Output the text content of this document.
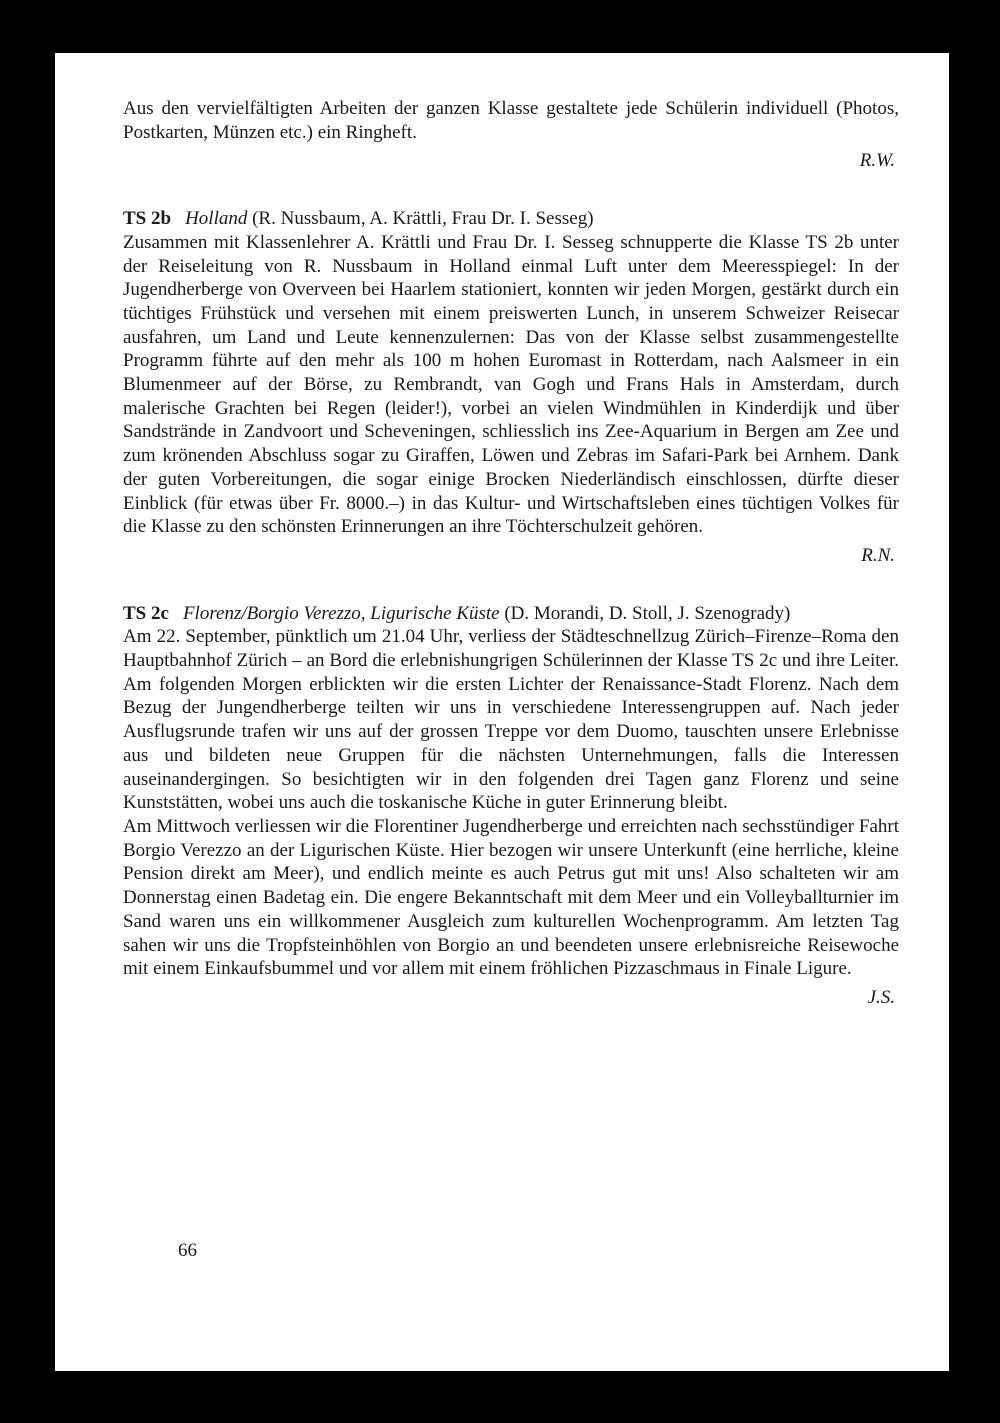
Aus den vervielfältigten Arbeiten der ganzen Klasse gestaltete jede Schülerin individuell (Photos, Postkarten, Münzen etc.) ein Ringheft.

R.W.

TS 2b Holland (R. Nussbaum, A. Krättli, Frau Dr. I. Sesseg)

Zusammen mit Klassenlehrer A. Krättli und Frau Dr. I. Sesseg schnupperte die Klasse TS 2b unter der Reiseleitung von R. Nussbaum in Holland einmal Luft unter dem Meeresspiegel: In der Jugendherberge von Overveen bei Haarlem stationiert, konnten wir jeden Morgen, gestärkt durch ein tüchtiges Frühstück und versehen mit einem preiswerten Lunch, in unserem Schweizer Reisecar ausfahren, um Land und Leute kennenzulernen: Das von der Klasse selbst zusammengestellte Programm führte auf den mehr als 100 m hohen Euromast in Rotterdam, nach Aalsmeer in ein Blumenmeer auf der Börse, zu Rembrandt, van Gogh und Frans Hals in Amsterdam, durch malerische Grachten bei Regen (leider!), vorbei an vielen Windmühlen in Kinderdijk und über Sandstrände in Zandvoort und Scheveningen, schliesslich ins Zee-Aquarium in Bergen am Zee und zum krönenden Abschluss sogar zu Giraffen, Löwen und Zebras im Safari-Park bei Arnhem. Dank der guten Vorbereitungen, die sogar einige Brocken Niederländisch einschlossen, dürfte dieser Einblick (für etwas über Fr. 8000.–) in das Kultur- und Wirtschaftsleben eines tüchtigen Volkes für die Klasse zu den schönsten Erinnerungen an ihre Töchterschulzeit gehören.

R.N.

TS 2c Florenz/Borgio Verezzo, Ligurische Küste (D. Morandi, D. Stoll, J. Szenogrady)

Am 22. September, pünktlich um 21.04 Uhr, verliess der Städteschnellzug Zürich–Firenze–Roma den Hauptbahnhof Zürich – an Bord die erlebnishungrigen Schülerinnen der Klasse TS 2c und ihre Leiter. Am folgenden Morgen erblickten wir die ersten Lichter der Renaissance-Stadt Florenz. Nach dem Bezug der Jungendherberge teilten wir uns in verschiedene Interessengruppen auf. Nach jeder Ausflugsrunde trafen wir uns auf der grossen Treppe vor dem Duomo, tauschten unsere Erlebnisse aus und bildeten neue Gruppen für die nächsten Unternehmungen, falls die Interessen auseinandergingen. So besichtigten wir in den folgenden drei Tagen ganz Florenz und seine Kunststätten, wobei uns auch die toskanische Küche in guter Erinnerung bleibt.

Am Mittwoch verliessen wir die Florentiner Jugendherberge und erreichten nach sechsstündiger Fahrt Borgio Verezzo an der Ligurischen Küste. Hier bezogen wir unsere Unterkunft (eine herrliche, kleine Pension direkt am Meer), und endlich meinte es auch Petrus gut mit uns! Also schalteten wir am Donnerstag einen Badetag ein. Die engere Bekanntschaft mit dem Meer und ein Volleyballturnier im Sand waren uns ein willkommener Ausgleich zum kulturellen Wochenprogramm. Am letzten Tag sahen wir uns die Tropfsteinhöhlen von Borgio an und beendeten unsere erlebnisreiche Reisewoche mit einem Einkaufsbummel und vor allem mit einem fröhlichen Pizzaschmaus in Finale Ligure.

J.S.
66
